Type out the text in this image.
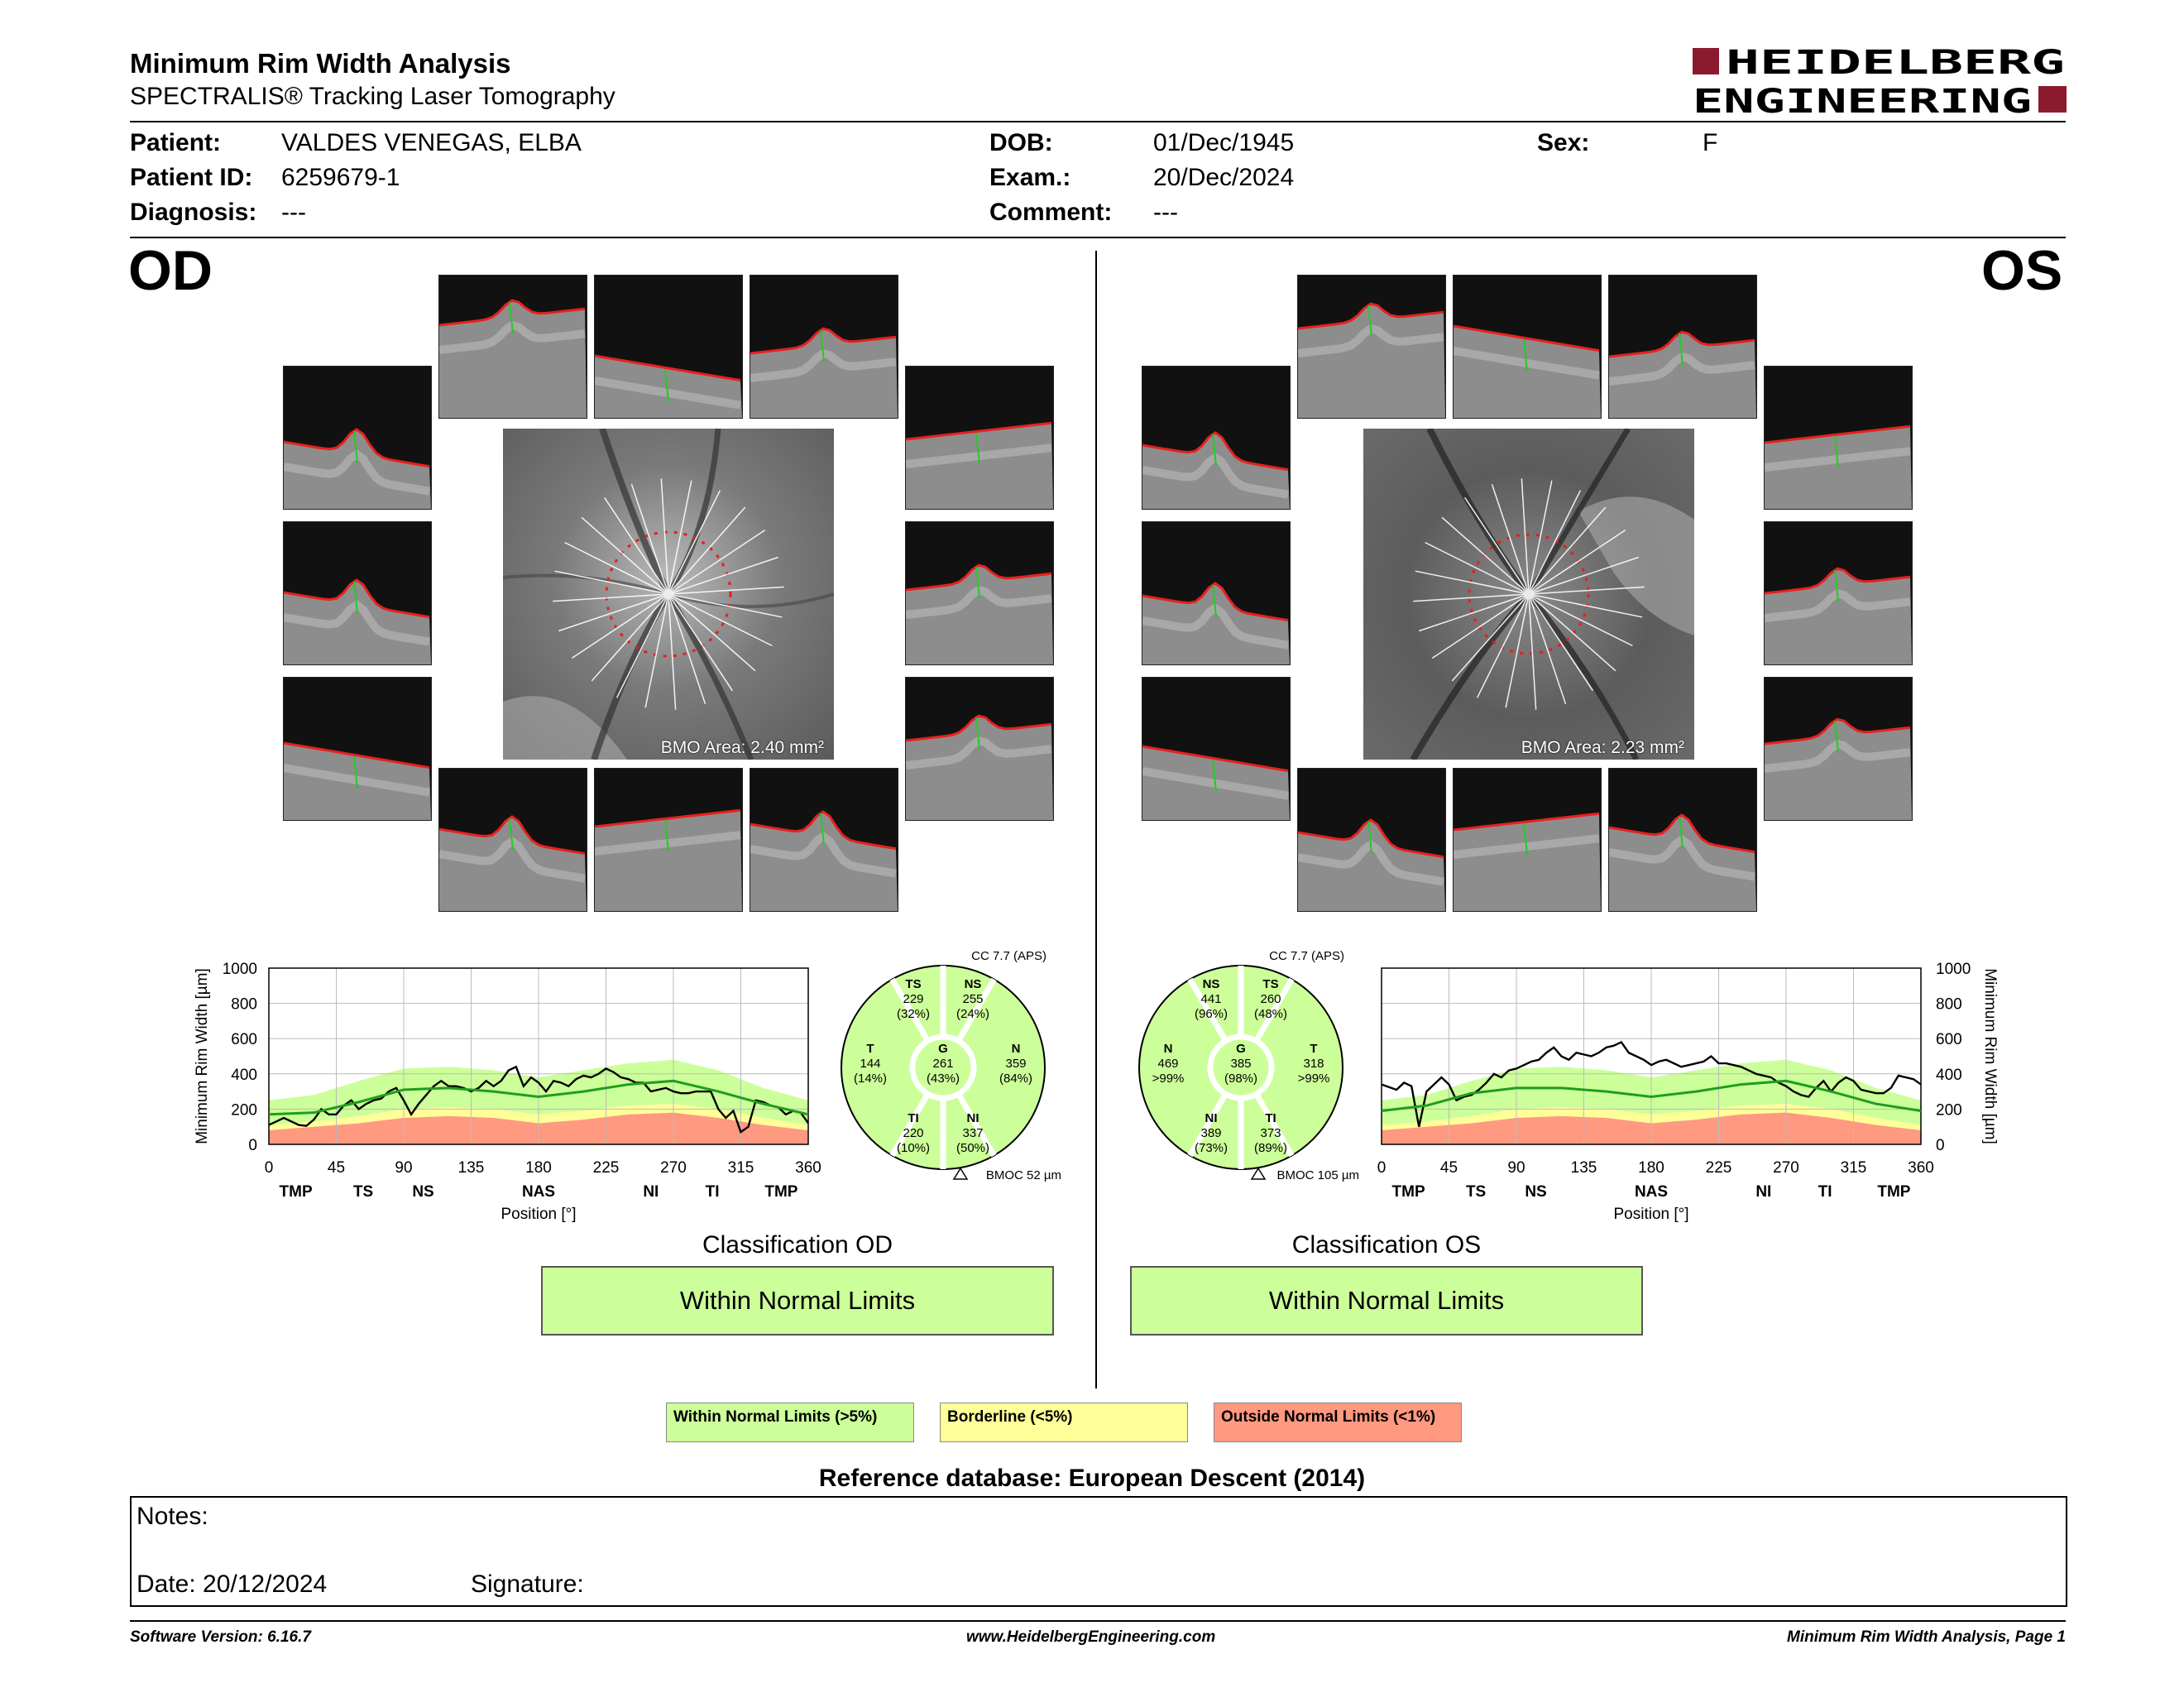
Minimum Rim Width Analysis
SPECTRALIS® Tracking Laser Tomography
HEIDELBERG
ENGINEERING
Patient: VALDES VENEGAS, ELBA
Patient ID: 6259679-1
Diagnosis: ---
DOB:	01/Dec/1945
Exam.:	20/Dec/2024
Comment: ---
Sex:	F
OD	OS
BMO Area: 2.40 mm²	BMO Area: 2.23 mm²
0	45	90	135	180	225	270	315	360
0
200
400
600
800
1000
TMP	TS NS	NAS	NI	TI	TMP
Position [°]
Minimum Rim Width [µm]
0	45	90	135	180	225	270	315	360
0
200
400
600
800
1000
TMP	TS NS	NAS	NI	TI	TMP
Position [°]
Minimum Rim Width [µm]
TS
229
(32%)
NS
255
(24%)
T
144
(14%)
G
261
(43%)
N
359
(84%)
TI
220
(10%)
NI
337
(50%)
CC 7.7 (APS)
BMOC 52 µm
NS
441
(96%)
TS
260
(48%)
N
469
>99%
G
385
(98%)
T
318
>99%
NI
389
(73%)
TI
373
(89%)
CC 7.7 (APS)
BMOC 105 µm
Classification OD
Within Normal Limits
Classification OS
Within Normal Limits
Within Normal Limits (>5%)	Borderline (<5%)	Outside Normal Limits (<1%)
Reference database: European Descent (2014)
Notes:
Date: 20/12/2024	Signature:
Software Version: 6.16.7	www.HeidelbergEngineering.com	Minimum Rim Width Analysis, Page 1
